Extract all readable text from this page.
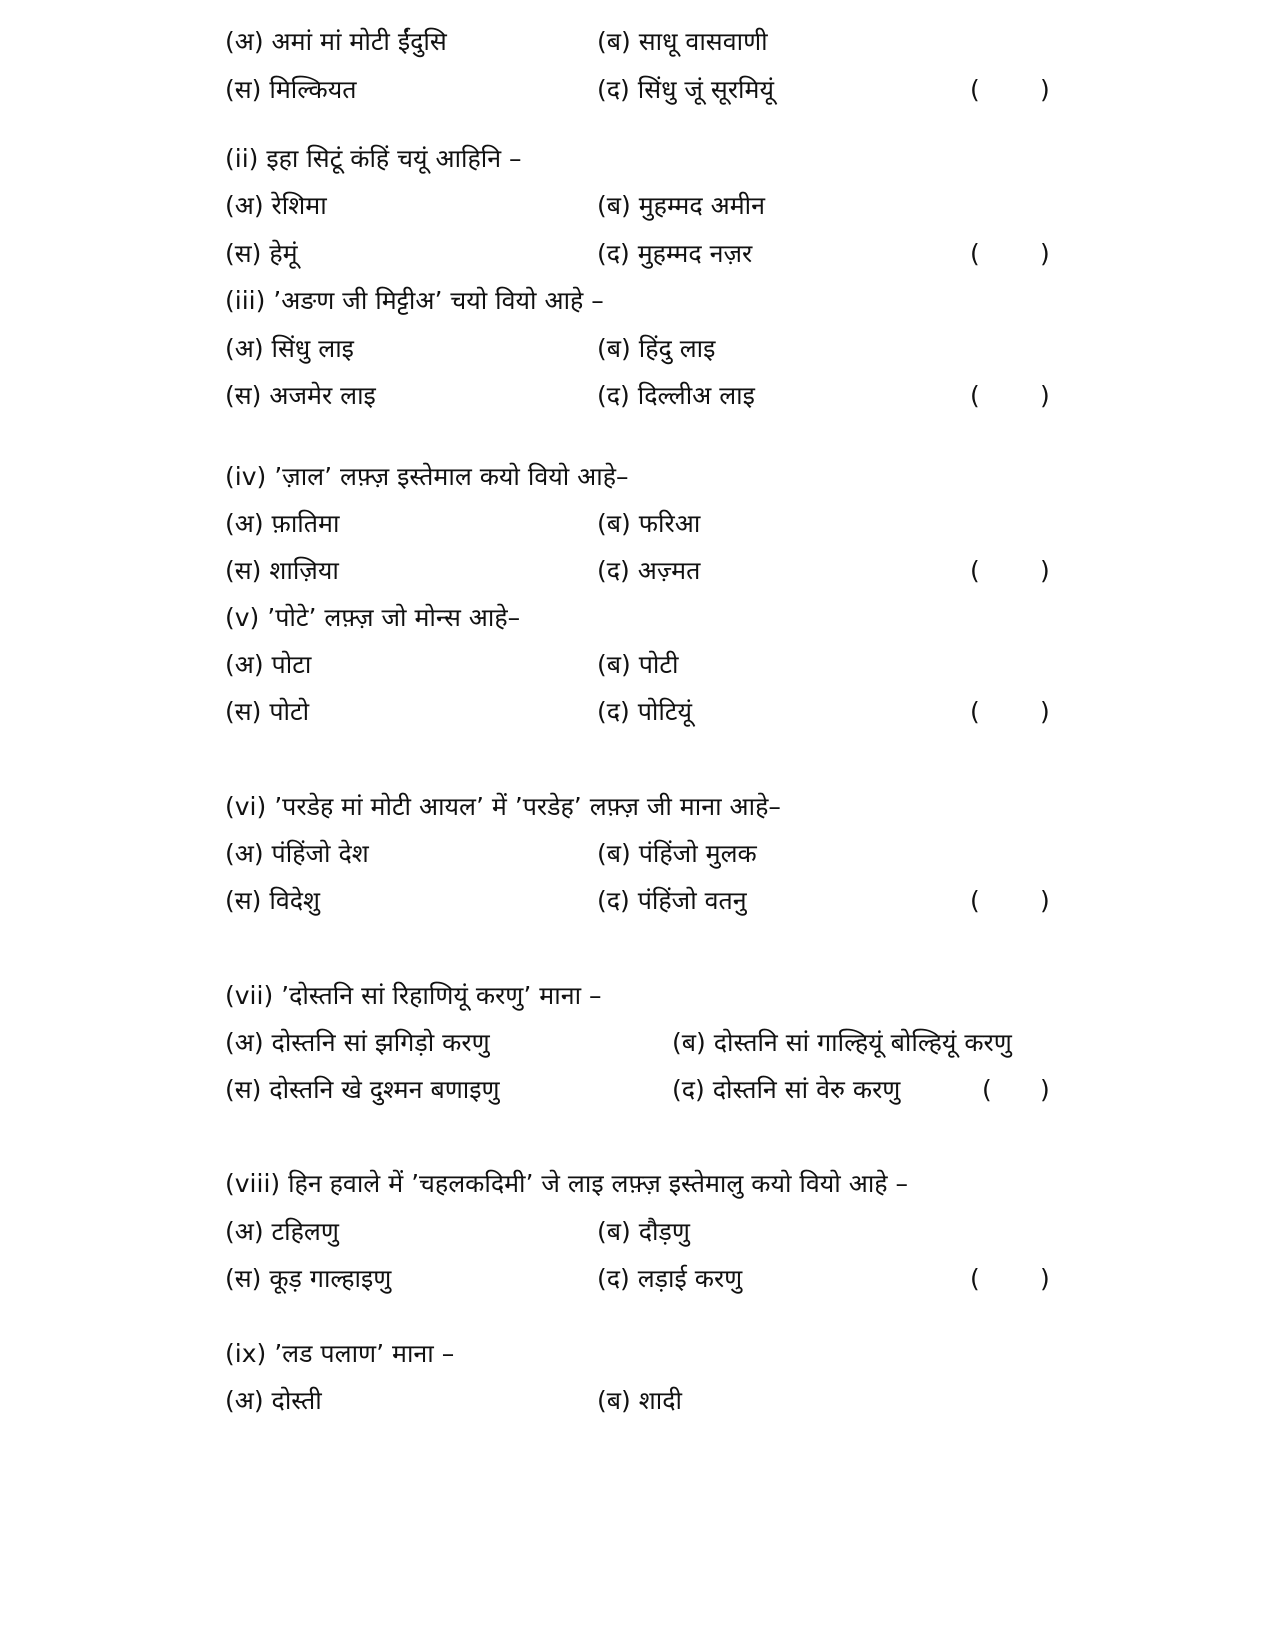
(अ) अमां मां मोटी ईंदुसि	(ब) साधू वासवाणी
(स) मिल्कियत	(द) सिंधु जूं सूरमियूं	( )
(ii) इहा सिटूं कंहिं चयूं आहिनि –
(अ) रेशिमा	(ब) मुहम्मद अमीन
(स) हेमूं	(द) मुहम्मद नज़र	( )
(iii) ’अङण जी मिट्टीअ’ चयो वियो आहे –
(अ) सिंधु लाइ	(ब) हिंदु लाइ
(स) अजमेर लाइ	(द) दिल्लीअ लाइ	( )
(iv) ’ज़ाल’ लफ़्ज़ इस्तेमाल कयो वियो आहे–
(अ) फ़ातिमा	(ब) फरिआ
(स) शाज़िया	(द) अज़्मत	( )
(v) ’पोटे’ लफ़्ज़ जो मोन्स आहे–
(अ) पोटा	(ब) पोटी
(स) पोटो	(द) पोटियूं	( )
(vi) ’परडेह मां मोटी आयल’ में ’परडेह’ लफ़्ज़ जी माना आहे–
(अ) पंहिंजो देश	(ब) पंहिंजो मुलक
(स) विदेशु	(द) पंहिंजो वतनु	( )
(vii) ’दोस्तनि सां रिहाणियूं करणु’ माना –
(अ) दोस्तनि सां झगिड़ो करणु	(ब) दोस्तनि सां गाल्हियूं बोल्हियूं करणु
(स) दोस्तनि खे दुश्मन बणाइणु	(द) दोस्तनि सां वेरु करणु	( )
(viii) हिन हवाले में ’चहलकदिमी’ जे लाइ लफ़्ज़ इस्तेमालु कयो वियो आहे –
(अ) टहिलणु	(ब) दौड़णु
(स) कूड़ गाल्हाइणु	(द) लड़ाई करणु	( )
(ix) ’लड पलाण’ माना –
(अ) दोस्ती	(ब) शादी
